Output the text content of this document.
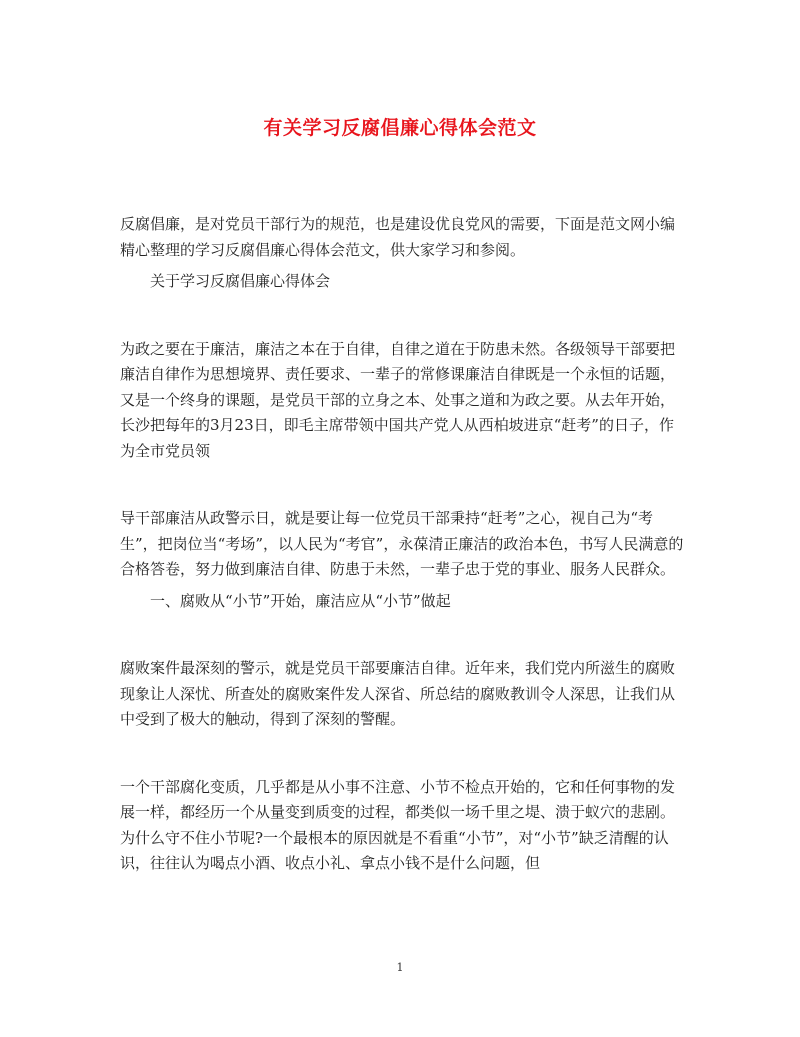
有关学习反腐倡廉心得体会范文

反腐倡廉，是对党员干部行为的规范，也是建设优良党风的需要，下面是范文网小编精心整理的学习反腐倡廉心得体会范文，供大家学习和参阅。

关于学习反腐倡廉心得体会

为政之要在于廉洁，廉洁之本在于自律，自律之道在于防患未然。各级领导干部要把廉洁自律作为思想境界、责任要求、一辈子的常修课廉洁自律既是一个永恒的话题，又是一个终身的课题，是党员干部的立身之本、处事之道和为政之要。从去年开始，长沙把每年的3月23日，即毛主席带领中国共产党人从西柏坡进京“赶考”的日子，作为全市党员领

导干部廉洁从政警示日，就是要让每一位党员干部秉持“赶考”之心，视自己为“考生”，把岗位当“考场”，以人民为“考官”，永葆清正廉洁的政治本色，书写人民满意的合格答卷，努力做到廉洁自律、防患于未然，一辈子忠于党的事业、服务人民群众。

一、腐败从“小节”开始，廉洁应从“小节”做起

腐败案件最深刻的警示，就是党员干部要廉洁自律。近年来，我们党内所滋生的腐败现象让人深忧、所查处的腐败案件发人深省、所总结的腐败教训令人深思，让我们从中受到了极大的触动，得到了深刻的警醒。

一个干部腐化变质，几乎都是从小事不注意、小节不检点开始的，它和任何事物的发展一样，都经历一个从量变到质变的过程，都类似一场千里之堤、溃于蚁穴的悲剧。为什么守不住小节呢?一个最根本的原因就是不看重“小节”，对“小节”缺乏清醒的认识，往往认为喝点小酒、收点小礼、拿点小钱不是什么问题，但

1
